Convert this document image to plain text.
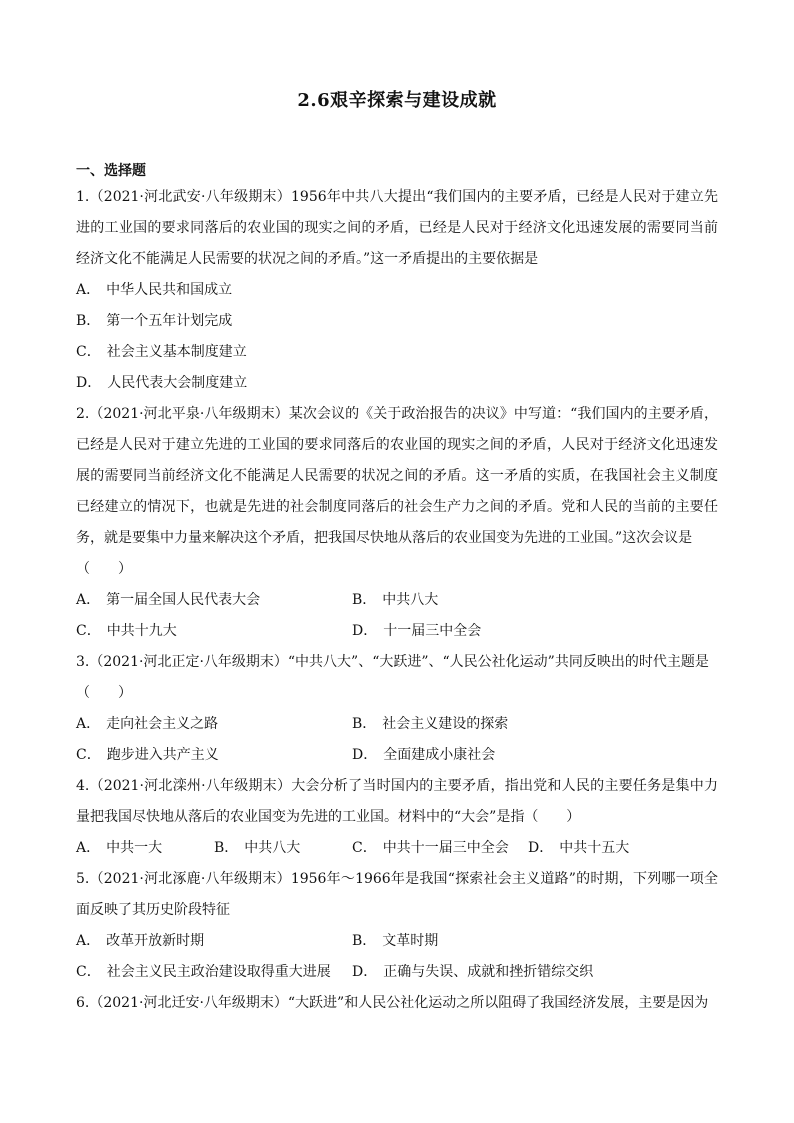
2.6艰辛探索与建设成就
一、选择题

1.（2021·河北武安·八年级期末）1956年中共八大提出“我们国内的主要矛盾，已经是人民对于建立先进的工业国的要求同落后的农业国的现实之间的矛盾，已经是人民对于经济文化迅速发展的需要同当前经济文化不能满足人民需要的状况之间的矛盾。”这一矛盾提出的主要依据是

A． 中华人民共和国成立
B． 第一个五年计划完成
C． 社会主义基本制度建立
D． 人民代表大会制度建立

2.（2021·河北平泉·八年级期末）某次会议的《关于政治报告的决议》中写道：“我们国内的主要矛盾，已经是人民对于建立先进的工业国的要求同落后的农业国的现实之间的矛盾，人民对于经济文化迅速发展的需要同当前经济文化不能满足人民需要的状况之间的矛盾。这一矛盾的实质，在我国社会主义制度已经建立的情况下，也就是先进的社会制度同落后的社会生产力之间的矛盾。党和人民的当前的主要任务，就是要集中力量来解决这个矛盾，把我国尽快地从落后的农业国变为先进的工业国。”这次会议是

（　　）
A． 第一届全国人民代表大会	B． 中共八大
C． 中共十九大	D． 十一届三中全会

3.（2021·河北正定·八年级期末）“中共八大”、“大跃进”、“人民公社化运动”共同反映出的时代主题是

（　　）
A． 走向社会主义之路	B． 社会主义建设的探索
C． 跑步进入共产主义	D． 全面建成小康社会

4.（2021·河北滦州·八年级期末）大会分析了当时国内的主要矛盾，指出党和人民的主要任务是集中力量把我国尽快地从落后的农业国变为先进的工业国。材料中的“大会”是指（　　）

A． 中共一大	B． 中共八大	C． 中共十一届三中全会	D． 中共十五大

5.（2021·河北涿鹿·八年级期末）1956年～1966年是我国“探索社会主义道路”的时期，下列哪一项全面反映了其历史阶段特征

A． 改革开放新时期	B． 文革时期
C． 社会主义民主政治建设取得重大进展	D． 正确与失误、成就和挫折错综交织

6.（2021·河北迁安·八年级期末）“大跃进”和人民公社化运动之所以阻碍了我国经济发展，主要是因为
